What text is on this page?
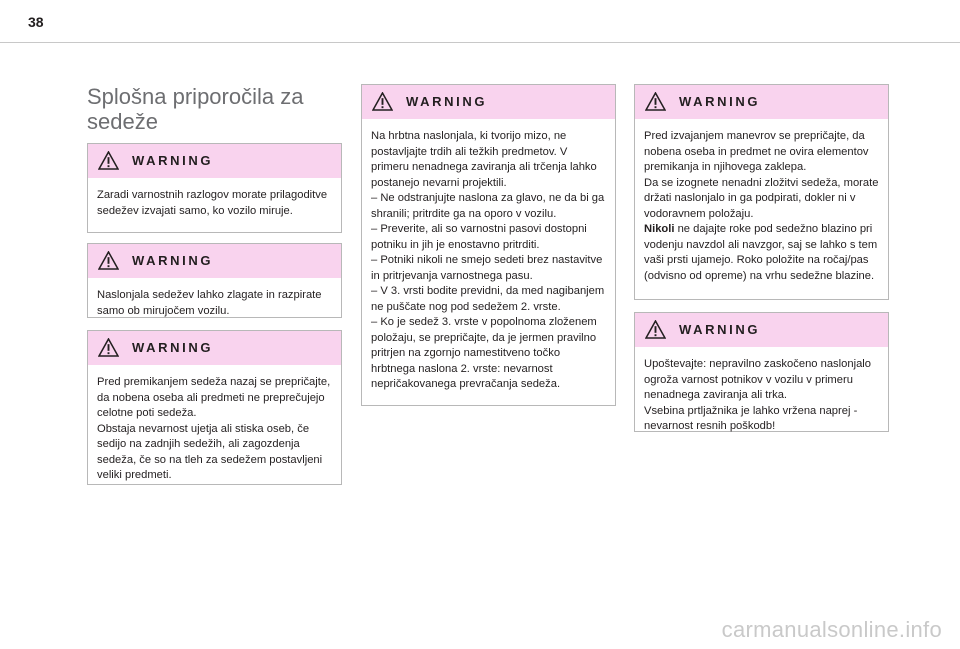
38
Splošna priporočila za sedeže
WARNING

Zaradi varnostnih razlogov morate prilagoditve sedežev izvajati samo, ko vozilo miruje.

WARNING

Naslonjala sedežev lahko zlagate in razpirate samo ob mirujočem vozilu.

WARNING

Pred premikanjem sedeža nazaj se prepričajte, da nobena oseba ali predmeti ne preprečujejo celotne poti sedeža.

Obstaja nevarnost ujetja ali stiska oseb, če sedijo na zadnjih sedežih, ali zagozdenja sedeža, če so na tleh za sedežem postavljeni veliki predmeti.

WARNING

Na hrbtna naslonjala, ki tvorijo mizo, ne postavljajte trdih ali težkih predmetov. V primeru nenadnega zaviranja ali trčenja lahko postanejo nevarni projektili.

– Ne odstranjujte naslona za glavo, ne da bi ga shranili; pritrdite ga na oporo v vozilu.

– Preverite, ali so varnostni pasovi dostopni potniku in jih je enostavno pritrditi.

– Potniki nikoli ne smejo sedeti brez nastavitve in pritrjevanja varnostnega pasu.

– V 3. vrsti bodite previdni, da med nagibanjem ne puščate nog pod sedežem 2. vrste.

– Ko je sedež 3. vrste v popolnoma zloženem položaju, se prepričajte, da je jermen pravilno pritrjen na zgornjo namestitveno točko hrbtnega naslona 2. vrste: nevarnost nepričakovanega prevračanja sedeža.

WARNING

Pred izvajanjem manevrov se prepričajte, da nobena oseba in predmet ne ovira elementov premikanja in njihovega zaklepa.

Da se izognete nenadni zložitvi sedeža, morate držati naslonjalo in ga podpirati, dokler ni v vodoravnem položaju.

Nikoli ne dajajte roke pod sedežno blazino pri vodenju navzdol ali navzgor, saj se lahko s tem vaši prsti ujamejo. Roko položite na ročaj/pas (odvisno od opreme) na vrhu sedežne blazine.

WARNING

Upoštevajte: nepravilno zaskočeno naslonjalo ogroža varnost potnikov v vozilu v primeru nenadnega zaviranja ali trka.

Vsebina prtljažnika je lahko vržena naprej - nevarnost resnih poškodb!

carmanualsonline.info
